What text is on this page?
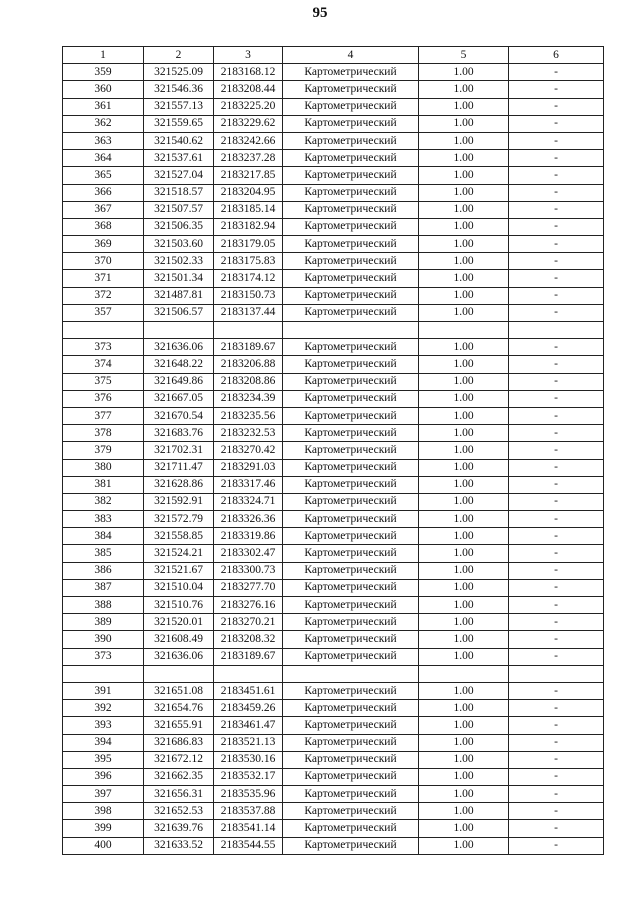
95
1	2	3	4	5	6
359	321525.09	2183168.12	Картометрический	1.00	-
360	321546.36	2183208.44	Картометрический	1.00	-
361	321557.13	2183225.20	Картометрический	1.00	-
362	321559.65	2183229.62	Картометрический	1.00	-
363	321540.62	2183242.66	Картометрический	1.00	-
364	321537.61	2183237.28	Картометрический	1.00	-
365	321527.04	2183217.85	Картометрический	1.00	-
366	321518.57	2183204.95	Картометрический	1.00	-
367	321507.57	2183185.14	Картометрический	1.00	-
368	321506.35	2183182.94	Картометрический	1.00	-
369	321503.60	2183179.05	Картометрический	1.00	-
370	321502.33	2183175.83	Картометрический	1.00	-
371	321501.34	2183174.12	Картометрический	1.00	-
372	321487.81	2183150.73	Картометрический	1.00	-
357	321506.57	2183137.44	Картометрический	1.00	-

373	321636.06	2183189.67	Картометрический	1.00	-
374	321648.22	2183206.88	Картометрический	1.00	-
375	321649.86	2183208.86	Картометрический	1.00	-
376	321667.05	2183234.39	Картометрический	1.00	-
377	321670.54	2183235.56	Картометрический	1.00	-
378	321683.76	2183232.53	Картометрический	1.00	-
379	321702.31	2183270.42	Картометрический	1.00	-
380	321711.47	2183291.03	Картометрический	1.00	-
381	321628.86	2183317.46	Картометрический	1.00	-
382	321592.91	2183324.71	Картометрический	1.00	-
383	321572.79	2183326.36	Картометрический	1.00	-
384	321558.85	2183319.86	Картометрический	1.00	-
385	321524.21	2183302.47	Картометрический	1.00	-
386	321521.67	2183300.73	Картометрический	1.00	-
387	321510.04	2183277.70	Картометрический	1.00	-
388	321510.76	2183276.16	Картометрический	1.00	-
389	321520.01	2183270.21	Картометрический	1.00	-
390	321608.49	2183208.32	Картометрический	1.00	-
373	321636.06	2183189.67	Картометрический	1.00	-

391	321651.08	2183451.61	Картометрический	1.00	-
392	321654.76	2183459.26	Картометрический	1.00	-
393	321655.91	2183461.47	Картометрический	1.00	-
394	321686.83	2183521.13	Картометрический	1.00	-
395	321672.12	2183530.16	Картометрический	1.00	-
396	321662.35	2183532.17	Картометрический	1.00	-
397	321656.31	2183535.96	Картометрический	1.00	-
398	321652.53	2183537.88	Картометрический	1.00	-
399	321639.76	2183541.14	Картометрический	1.00	-
400	321633.52	2183544.55	Картометрический	1.00	-
